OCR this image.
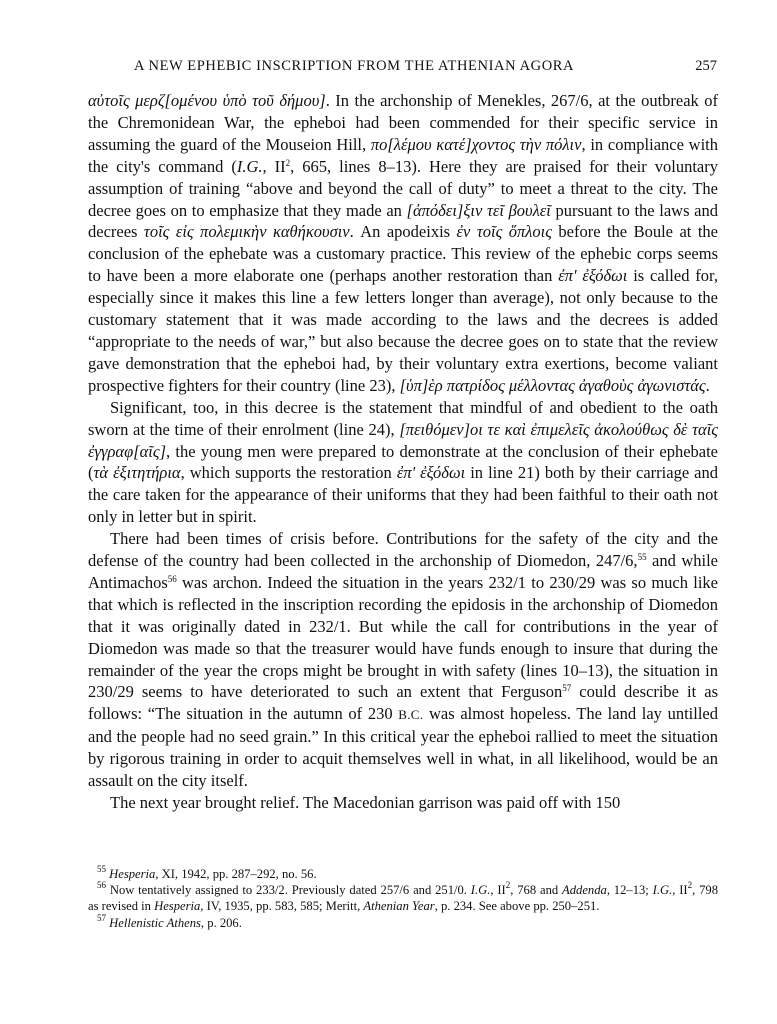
A NEW EPHEBIC INSCRIPTION FROM THE ATHENIAN AGORA	257

αὐτοῖς μερζ[ομένου ὑπὸ τοῦ δήμου]. In the archonship of Menekles, 267/6, at the outbreak of the Chremonidean War, the epheboi had been commended for their specific service in assuming the guard of the Mouseion Hill, πο[λέμου κατέ]χοντος τὴν πόλιν, in compliance with the city's command (I.G., $II^2$, 665, lines 8–13). Here they are praised for their voluntary assumption of training “above and beyond the call of duty” to meet a threat to the city. The decree goes on to emphasize that they made an [ἀπόδει]ξιν τεῖ βουλεῖ pursuant to the laws and decrees τοῖς εἰς πολεμικὴν καθήκουσιν. An apodeixis ἐν τοῖς ὅπλοις before the Boule at the conclusion of the ephebate was a customary practice. This review of the ephebic corps seems to have been a more elaborate one (perhaps another restoration than ἐπ' ἐξόδωι is called for, especially since it makes this line a few letters longer than average), not only because to the customary statement that it was made according to the laws and the decrees is added “appropriate to the needs of war,” but also because the decree goes on to state that the review gave demonstration that the epheboi had, by their voluntary extra exertions, become valiant prospective fighters for their country (line 23), [ὑπ]ὲρ πατρίδος μέλλοντας ἀγαθοὺς ἀγωνιστάς.

Significant, too, in this decree is the statement that mindful of and obedient to the oath sworn at the time of their enrolment (line 24), [πειθόμεν]οι τε καὶ ἐπιμελεῖς ἀκολούθως δὲ ταῖς ἐγγραφ[αῖς], the young men were prepared to demonstrate at the conclusion of their ephebate (τὰ ἐξιτητήρια, which supports the restoration ἐπ' ἐξόδωι in line 21) both by their carriage and the care taken for the appearance of their uniforms that they had been faithful to their oath not only in letter but in spirit.

There had been times of crisis before. Contributions for the safety of the city and the defense of the country had been collected in the archonship of Diomedon, 247/6,55 and while Antimachos$^{56}$ was archon. Indeed the situation in the years 232/1 to 230/29 was so much like that which is reflected in the inscription recording the epidosis in the archonship of Diomedon that it was originally dated in 232/1. But while the call for contributions in the year of Diomedon was made so that the treasurer would have funds enough to insure that during the remainder of the year the crops might be brought in with safety (lines 10–13), the situation in 230/29 seems to have deteriorated to such an extent that Ferguson$^{57}$ could describe it as follows: “The situation in the autumn of 230 B.C. was almost hopeless. The land lay untilled and the people had no seed grain.” In this critical year the epheboi rallied to meet the situation by rigorous training in order to acquit themselves well in what, in all likelihood, would be an assault on the city itself.

The next year brought relief. The Macedonian garrison was paid off with 150

$^{55}$ Hesperia, XI, 1942, pp. 287–292, no. 56.

$^{56}$ Now tentatively assigned to 233/2. Previously dated 257/6 and 251/0. I.G., $II^2$, 768 and Addenda, 12–13; I.G., $II^2$, 798 as revised in Hesperia, IV, 1935, pp. 583, 585; Meritt, Athenian Year, p. 234. See above pp. 250–251.

$^{57}$ Hellenistic Athens, p. 206.
